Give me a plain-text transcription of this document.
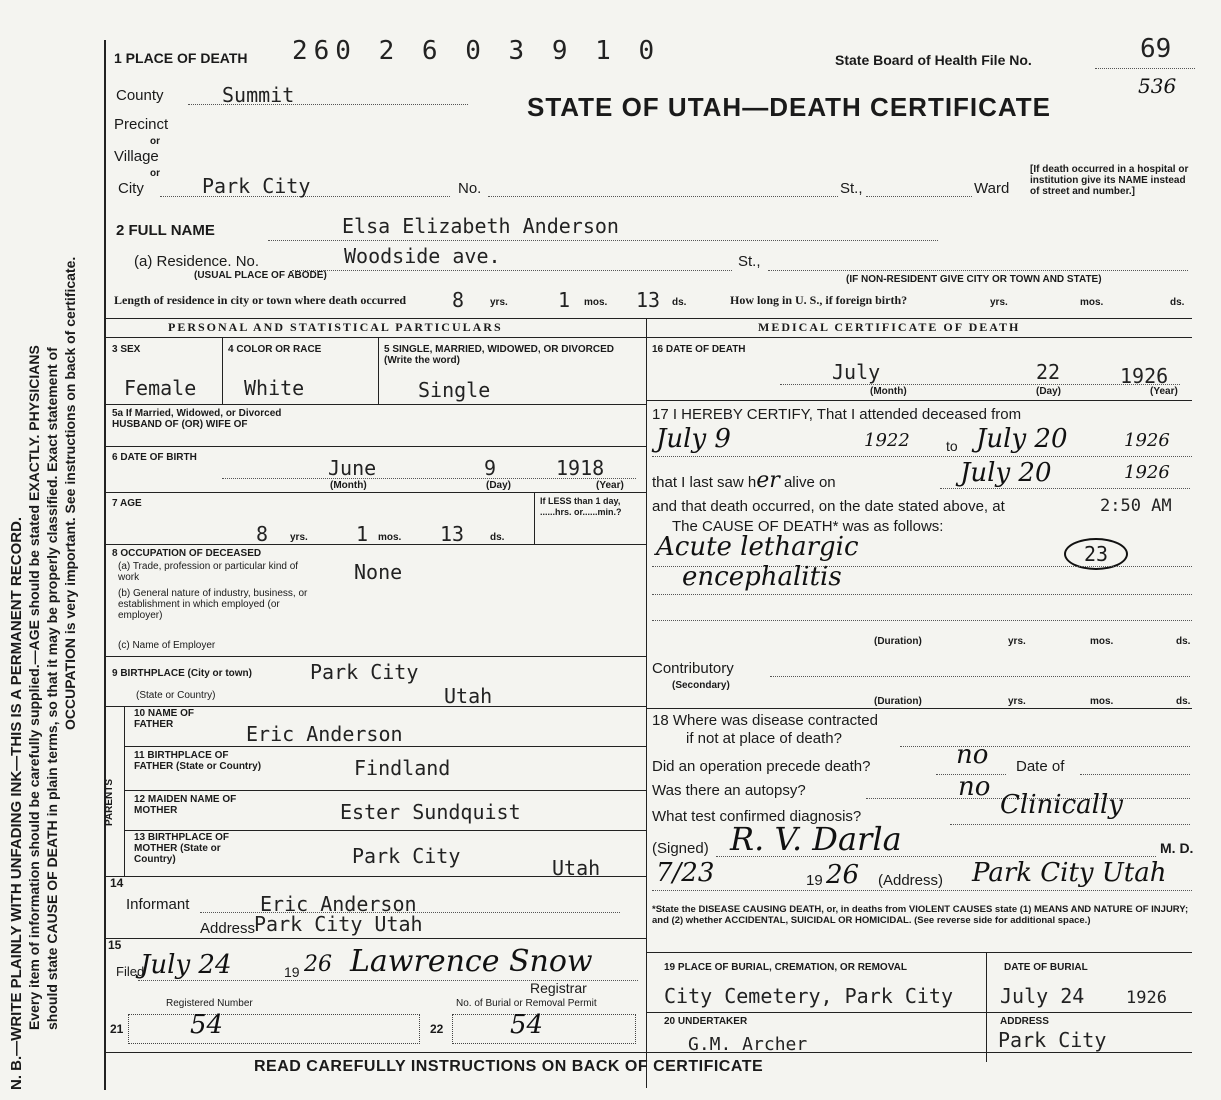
N. B.—WRITE PLAINLY WITH UNFADING INK—THIS IS A PERMANENT RECORD. Every item of information should be carefully supplied.—AGE should be stated EXACTLY. PHYSICIANS should state CAUSE OF DEATH in plain terms, so that it may be properly classified. Exact statement of OCCUPATION is very important. See instructions on back of certificate.
1 PLACE OF DEATH 260 2 6 0 3 9 1 0	State Board of Health File No.	69
536
STATE OF UTAH—DEATH CERTIFICATE
County	Summit
Precinct
or
Village
or
City	Park City	No.	St.,	Ward
[If death occurred in a hospital or institution give its NAME instead of street and number.]
2 FULL NAME	Elsa Elizabeth Anderson
(a) Residence. No.	Woodside ave.	St.,
(USUAL PLACE OF ABODE)	(IF NON-RESIDENT GIVE CITY OR TOWN AND STATE)
Length of residence in city or town where death occurred 8	yrs.	1 mos. 13 ds.	How long in U. S., if foreign birth?	yrs.	mos.	ds.
PERSONAL AND STATISTICAL PARTICULARS	MEDICAL CERTIFICATE OF DEATH
3 SEX	4 COLOR OR RACE	5 SINGLE, MARRIED, WIDOWED, OR DIVORCED (Write the word)
Female White	Single
5a If Married, Widowed, or Divorced HUSBAND OF (OR) WIFE OF
6 DATE OF BIRTH	June	9	1918
(Month)	(Day)	(Year)
7 AGE
8 yrs. 1 mos. 13	ds.
If LESS than 1 day, ......hrs. or......min.?
8 OCCUPATION OF DECEASED
(a) Trade, profession or particular kind of work	None
(b) General nature of industry, business, or establishment in which employed (or employer)
(c) Name of Employer
9 BIRTHPLACE (City or town)	Park City
(State or Country)	Utah
PARENTS
10 NAME OF FATHER	Eric Anderson
11 BIRTHPLACE OF FATHER (State or Country)	Findland
12 MAIDEN NAME OF MOTHER	Ester Sundquist
13 BIRTHPLACE OF MOTHER (State or Country)	Park City	Utah
14
Informant	Eric Anderson
Address
Park City Utah
15
Filed
July 24	19 26 Lawrence Snow
Registrar
Registered Number	No. of Burial or Removal Permit
21	54	22	54
16 DATE OF DEATH
July	22	1926
(Month)	(Day)	(Year)
17 I HEREBY CERTIFY, That I attended deceased from
July 9	1922	to July 20	1926
that I last saw her alive on	July 20	1926
and that death occurred, on the date stated above, at	2:50 AM
The CAUSE OF DEATH* was as follows:
Acute lethargic	23
encephalitis
(Duration)	yrs.	mos.	ds.
Contributory
(Secondary)
(Duration)	yrs.	mos.	ds.
18 Where was disease contracted
if not at place of death?
Did an operation precede death?	no Date of
Was there an autopsy?	no
What test confirmed diagnosis?	Clinically
(Signed) R. V. Darla	M. D.
7/23	19 26 (Address) Park City Utah
*State the DISEASE CAUSING DEATH, or, in deaths from VIOLENT CAUSES state (1) MEANS AND NATURE OF INJURY; and (2) whether ACCIDENTAL, SUICIDAL OR HOMICIDAL. (See reverse side for additional space.)
19 PLACE OF BURIAL, CREMATION, OR REMOVAL	DATE OF BURIAL
City Cemetery, Park City July 24 1926
20 UNDERTAKER
G.M. Archer
ADDRESS
Park City
READ CAREFULLY INSTRUCTIONS ON BACK OF CERTIFICATE
